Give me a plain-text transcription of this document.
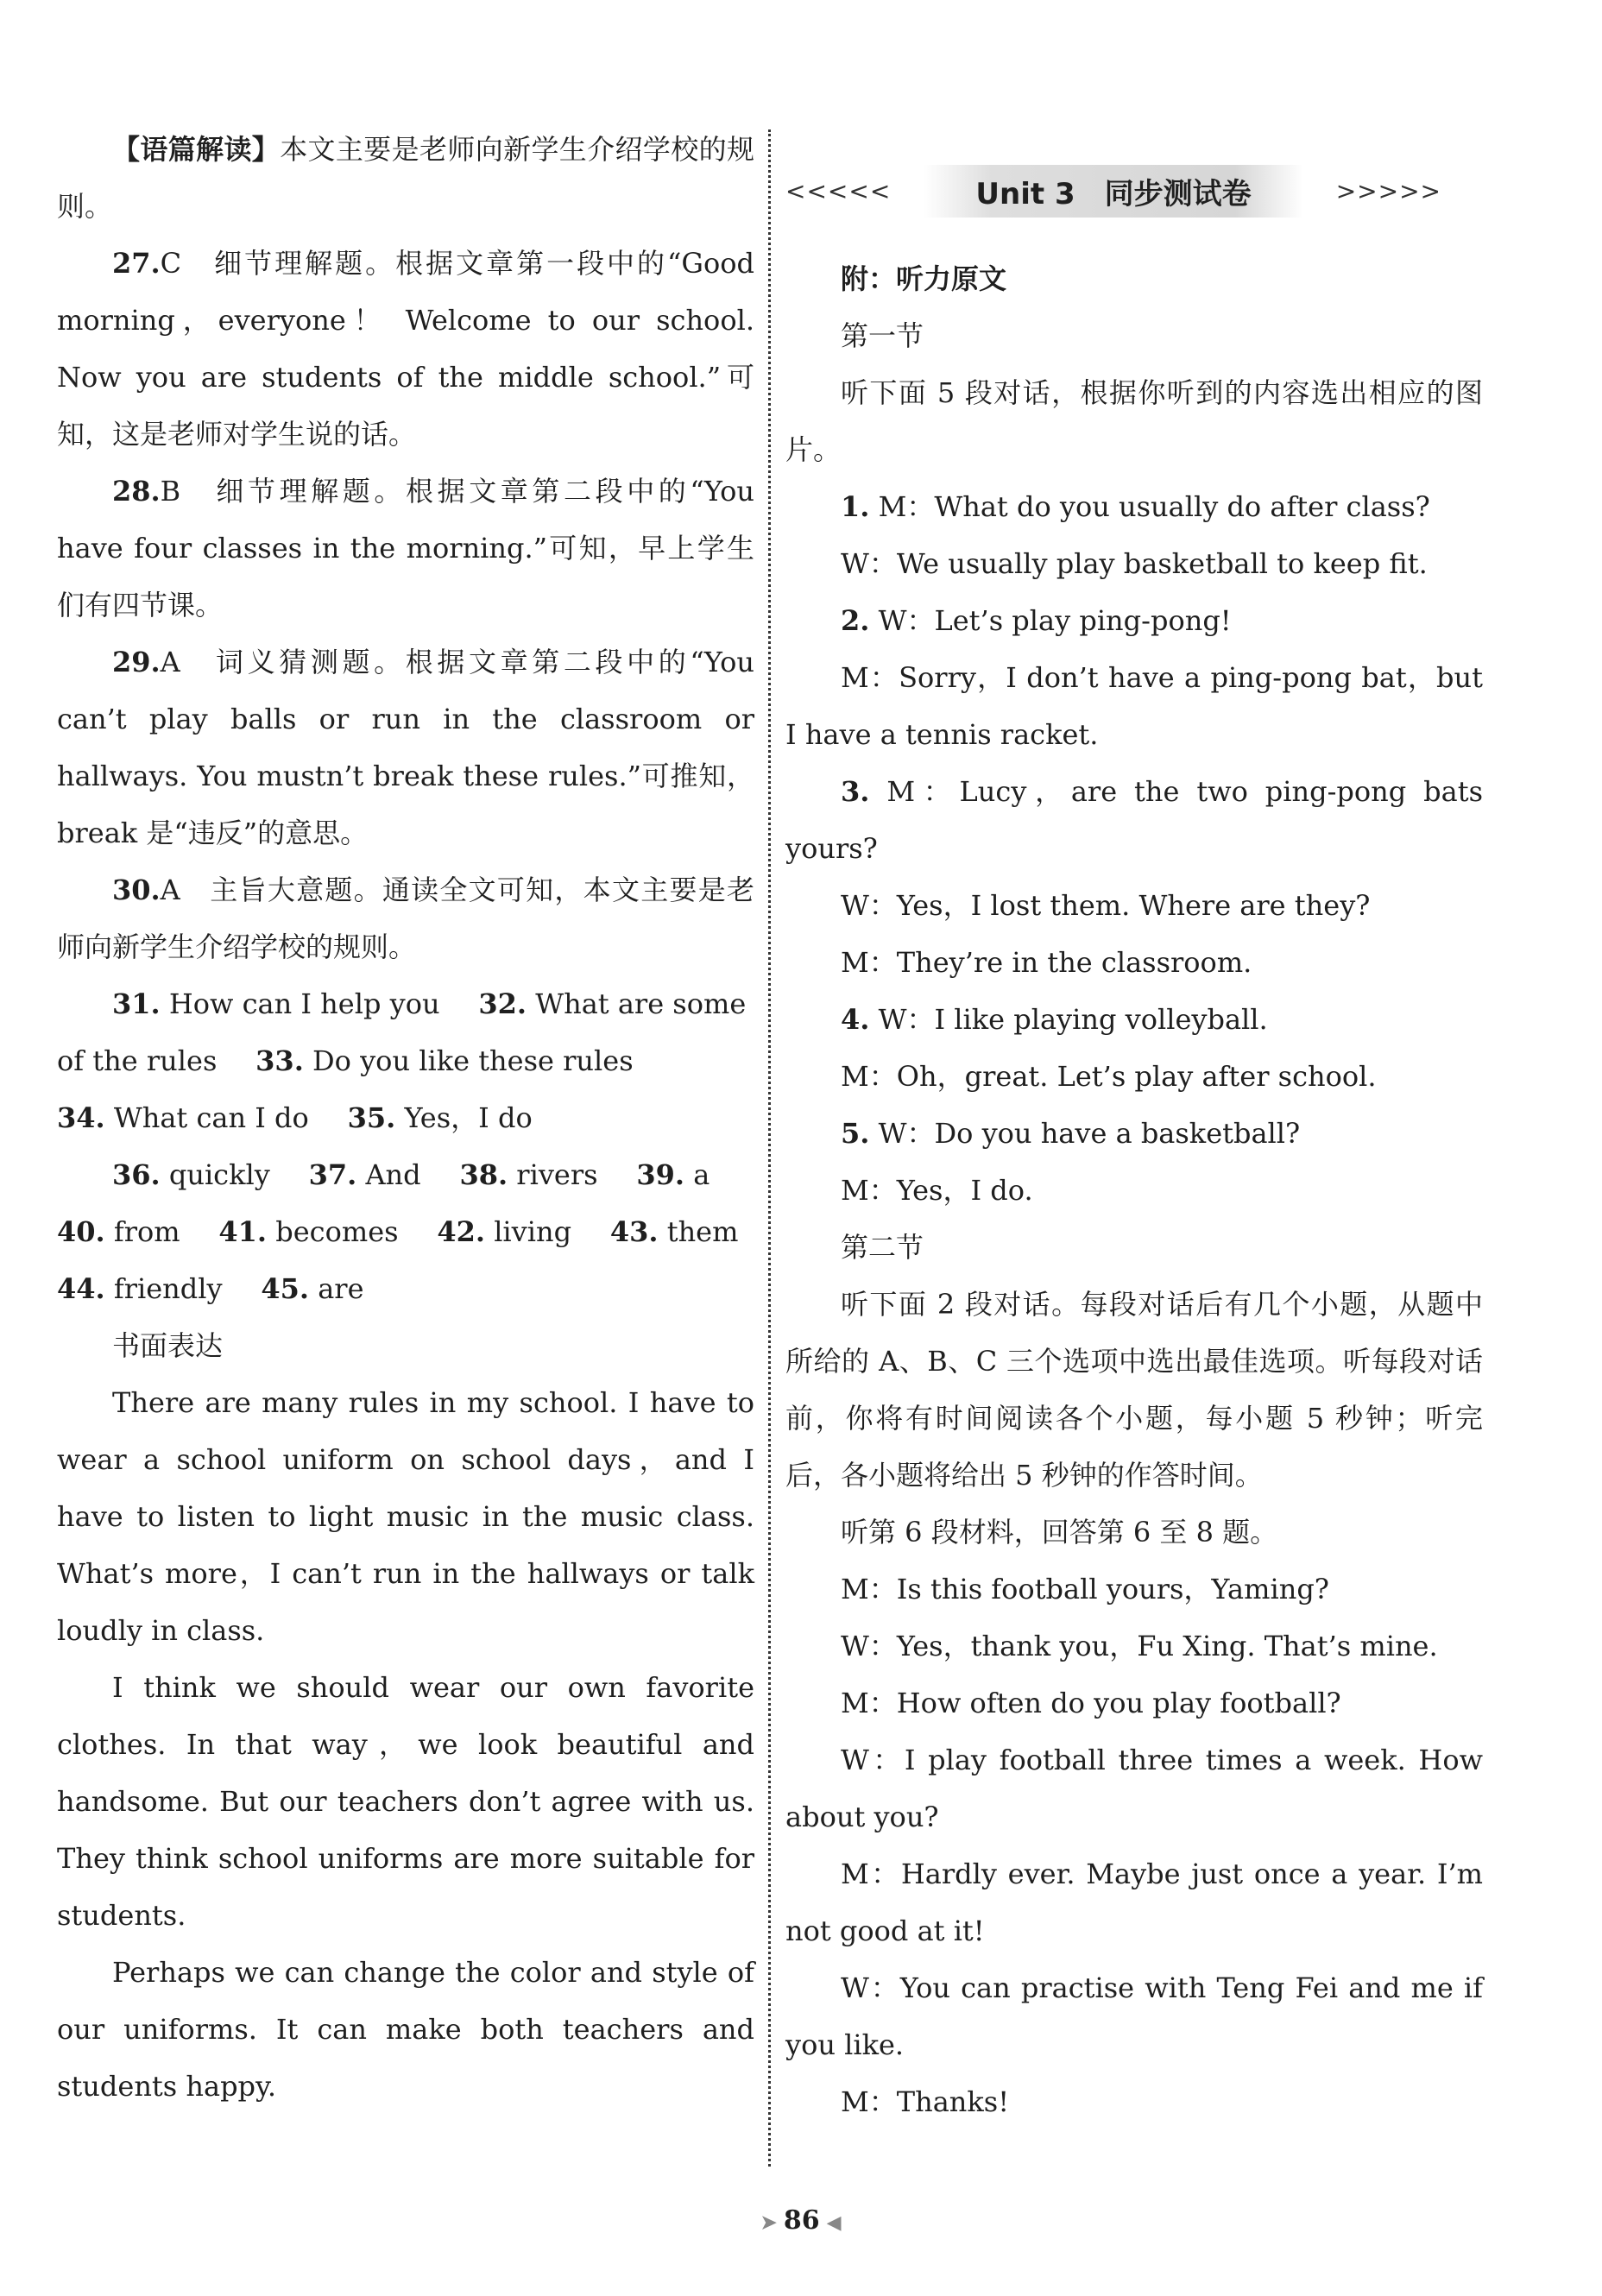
【语篇解读】本文主要是老师向新学生介绍学校的规则。

27.C　细节理解题。根据文章第一段中的“Good morning，everyone！ Welcome to our school. Now you are students of the middle school.”可知，这是老师对学生说的话。

28.B　细节理解题。根据文章第二段中的“You have four classes in the morning.”可知，早上学生们有四节课。

29.A　词义猜测题。根据文章第二段中的“You can’t play balls or run in the classroom or hallways. You mustn’t break these rules.”可推知，break 是“违反”的意思。

30.A　主旨大意题。通读全文可知，本文主要是老师向新学生介绍学校的规则。

31. How can I help you 32. What are some of the rules 33. Do you like these rules

34. What can I do 35. Yes，I do

36. quickly 37. And 38. rivers 39. a

40. from 41. becomes 42. living 43. them

44. friendly 45. are

书面表达

There are many rules in my school. I have to wear a school uniform on school days，and I have to listen to light music in the music class. What’s more，I can’t run in the hallways or talk loudly in class.

I think we should wear our own favorite clothes. In that way，we look beautiful and handsome. But our teachers don’t agree with us. They think school uniforms are more suitable for students.

Perhaps we can change the color and style of our uniforms. It can make both teachers and students happy.

<<<<<	Unit 3　同步测试卷	>>>>>

附：听力原文

第一节

听下面 5 段对话，根据你听到的内容选出相应的图片。

1. M：What do you usually do after class?

W：We usually play basketball to keep fit.

2. W：Let’s play ping-pong!

M：Sorry，I don’t have a ping-pong bat，but I have a tennis racket.

3. M：Lucy，are the two ping-pong bats yours?

W：Yes，I lost them. Where are they?

M：They’re in the classroom.

4. W：I like playing volleyball.

M：Oh，great. Let’s play after school.

5. W：Do you have a basketball?

M：Yes，I do.

第二节

听下面 2 段对话。每段对话后有几个小题，从题中所给的 A、B、C 三个选项中选出最佳选项。听每段对话前，你将有时间阅读各个小题，每小题 5 秒钟；听完后，各小题将给出 5 秒钟的作答时间。

听第 6 段材料，回答第 6 至 8 题。

M：Is this football yours，Yaming?

W：Yes，thank you，Fu Xing. That’s mine.

M：How often do you play football?

W：I play football three times a week. How about you?

M：Hardly ever. Maybe just once a year. I’m not good at it!

W：You can practise with Teng Fei and me if you like.

M：Thanks!

➤ 86 ◀
